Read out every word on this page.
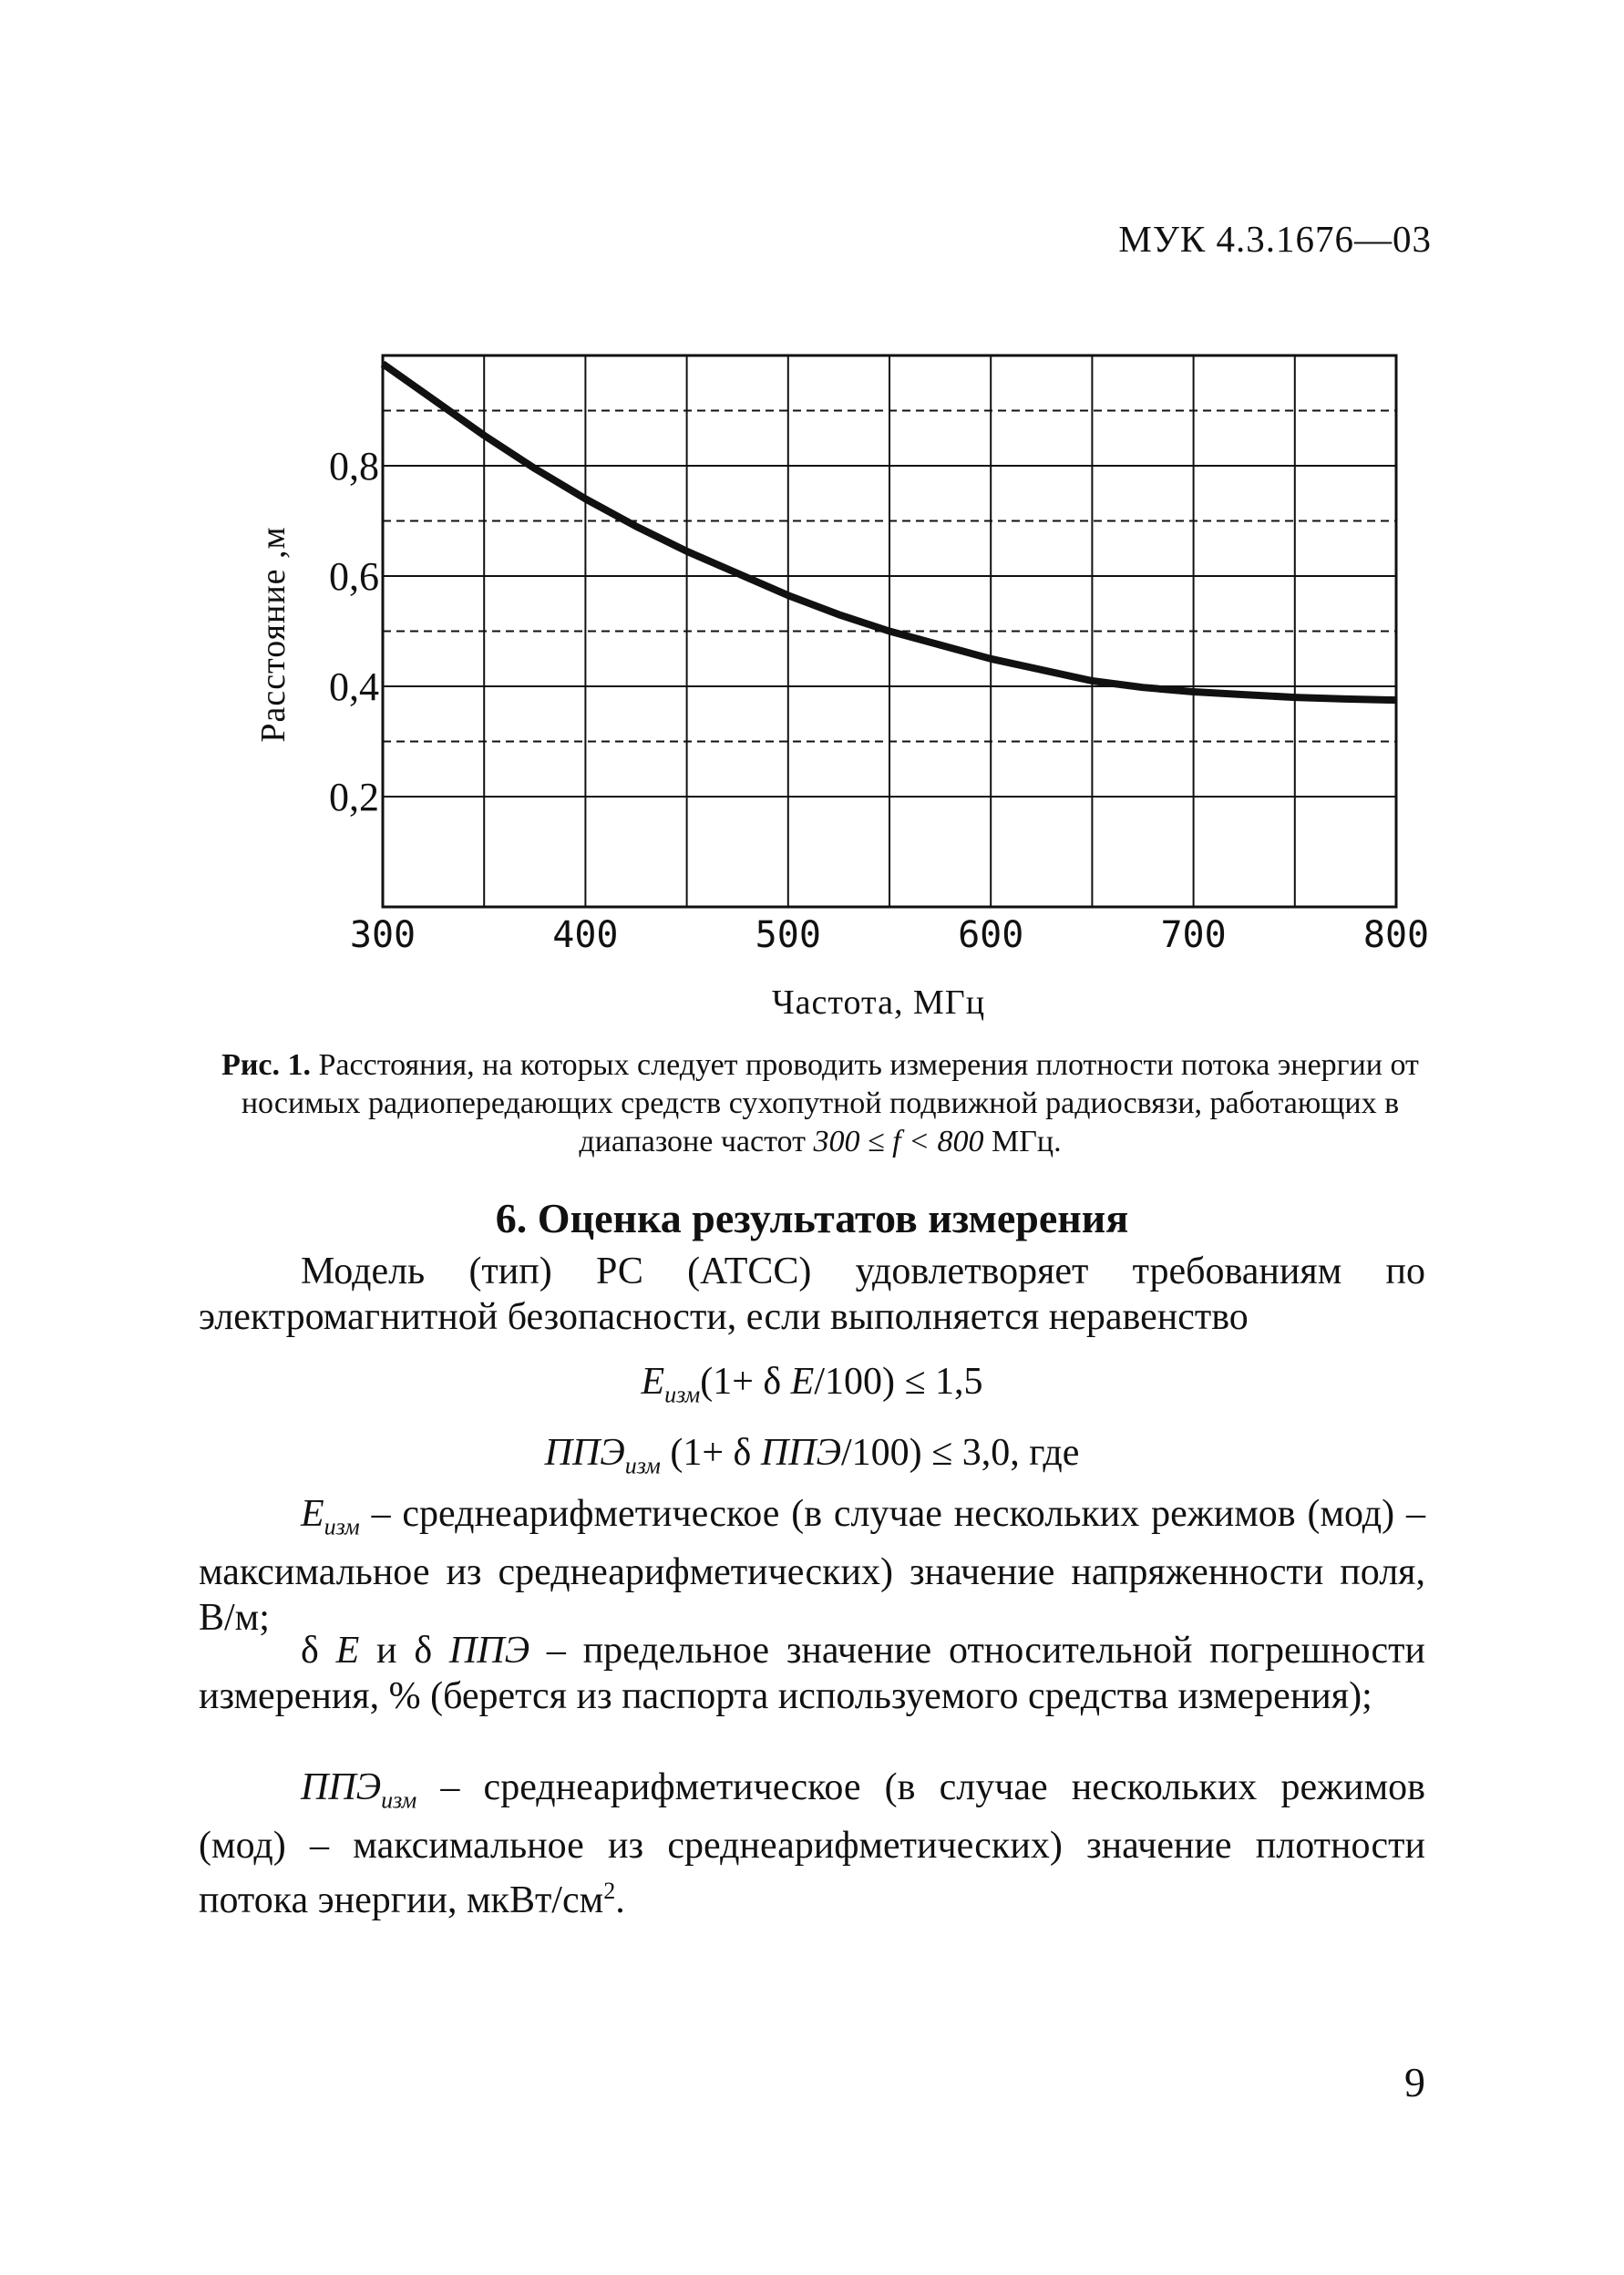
МУК 4.3.1676—03
0,2
0,4
0,6
0,8
300	400	500	600	700	800
Расстояние ,м
Частота, МГц
Рис. 1. Расстояния, на которых следует проводить измерения плотности потока энергии от носимых радиопередающих средств сухопутной подвижной радиосвязи, работающих в диапазоне частот 300 ≤ f < 800 МГц.
6. Оценка результатов измерения
Модель (тип) РС (АТСС) удовлетворяет требованиям по электромагнитной безопасности, если выполняется неравенство
$E_{изм}(1+ \delta$ E/100) ≤ 1,5
$ППЭ_{изм}$ (1+ δ ППЭ/100) ≤ 3,0, где
$E_{изм}$ – среднеарифметическое (в случае нескольких режимов (мод) – максимальное из среднеарифметических) значение напряженности поля, В/м;
δ E и δ ППЭ – предельное значение относительной погрешности измерения, % (берется из паспорта используемого средства измерения);
$ППЭ_{изм}$ – среднеарифметическое (в случае нескольких режимов (мод) – максимальное из среднеарифметических) значение плотности потока энергии, мкВт/$см^2$.
9
